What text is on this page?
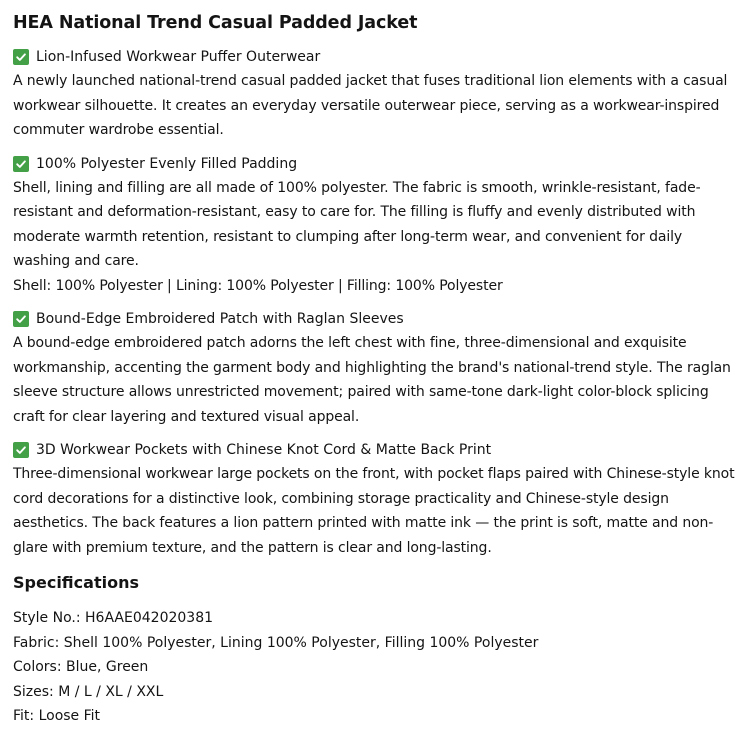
HEA National Trend Casual Padded Jacket
Lion-Infused Workwear Puffer Outerwear

A newly launched national-trend casual padded jacket that fuses traditional lion elements with a casual workwear silhouette. It creates an everyday versatile outerwear piece, serving as a workwear-inspired commuter wardrobe essential.

100% Polyester Evenly Filled Padding

Shell, lining and filling are all made of 100% polyester. The fabric is smooth, wrinkle-resistant, fade-resistant and deformation-resistant, easy to care for. The filling is fluffy and evenly distributed with moderate warmth retention, resistant to clumping after long-term wear, and convenient for daily washing and care.

Shell: 100% Polyester | Lining: 100% Polyester | Filling: 100% Polyester

Bound-Edge Embroidered Patch with Raglan Sleeves

A bound-edge embroidered patch adorns the left chest with fine, three-dimensional and exquisite workmanship, accenting the garment body and highlighting the brand's national-trend style. The raglan sleeve structure allows unrestricted movement; paired with same-tone dark-light color-block splicing craft for clear layering and textured visual appeal.

3D Workwear Pockets with Chinese Knot Cord & Matte Back Print

Three-dimensional workwear large pockets on the front, with pocket flaps paired with Chinese-style knot cord decorations for a distinctive look, combining storage practicality and Chinese-style design aesthetics. The back features a lion pattern printed with matte ink — the print is soft, matte and non-glare with premium texture, and the pattern is clear and long-lasting.

Specifications
Style No.: H6AAE042020381
Fabric: Shell 100% Polyester, Lining 100% Polyester, Filling 100% Polyester
Colors: Blue, Green
Sizes: M / L / XL / XXL
Fit: Loose Fit
